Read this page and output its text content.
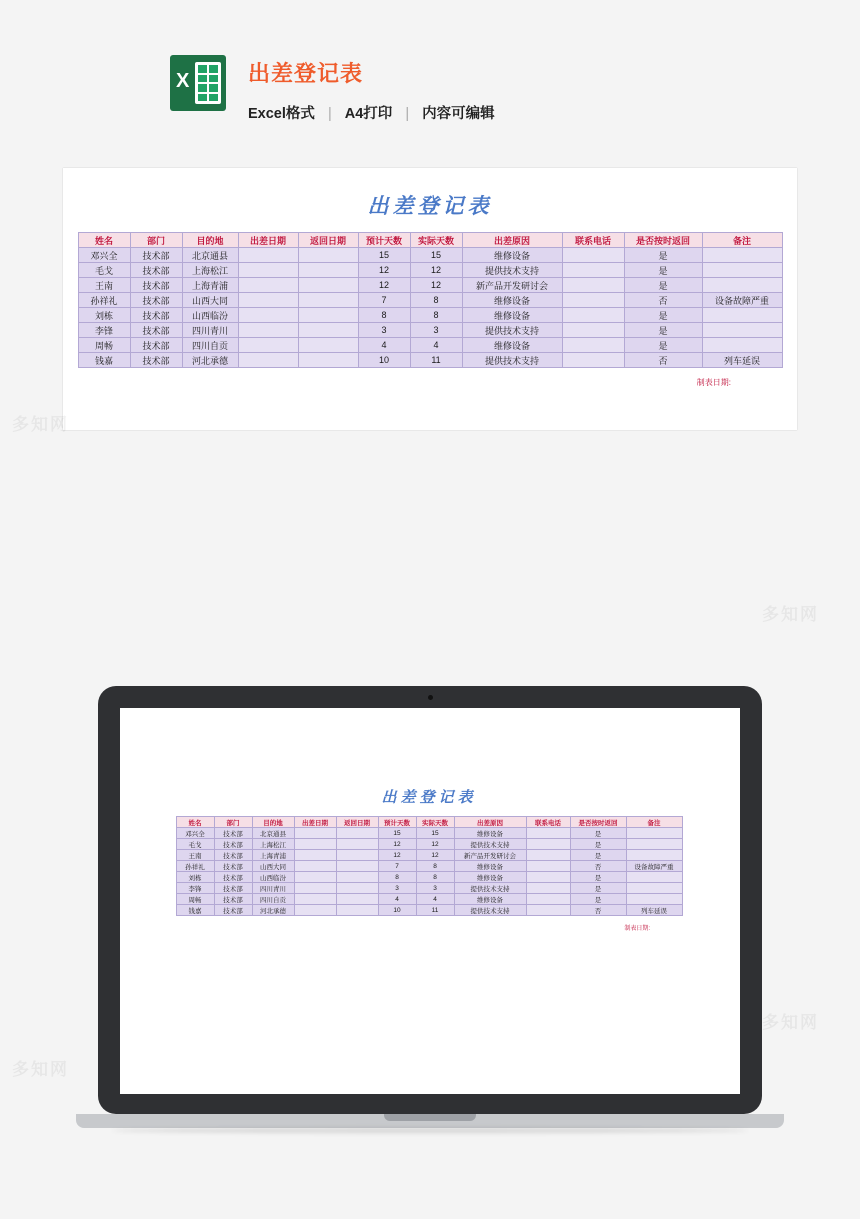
X	出差登记表
Excel格式 | A4打印 | 内容可编辑
出差登记表
姓名	部门	目的地	出差日期	返回日期	预计天数	实际天数	出差原因	联系电话	是否按时返回	备注
邓兴全	技术部	北京通县			15	15	维修设备		是	
毛戈	技术部	上海松江			12	12	提供技术支持		是	
王南	技术部	上海青浦			12	12	新产品开发研讨会		是	
孙祥礼	技术部	山西大同			7	8	维修设备		否	设备故障严重
刘栋	技术部	山西临汾			8	8	维修设备		是	
李锋	技术部	四川青川			3	3	提供技术支持		是	
周畅	技术部	四川自贡			4	4	维修设备		是	
钱嘉	技术部	河北承德			10	11	提供技术支持		否	列车延误
制表日期:
出差登记表
姓名	部门	目的地	出差日期	返回日期	预计天数	实际天数	出差原因	联系电话	是否按时返回	备注
邓兴全	技术部	北京通县			15	15	维修设备		是	
毛戈	技术部	上海松江			12	12	提供技术支持		是	
王南	技术部	上海青浦			12	12	新产品开发研讨会		是	
孙祥礼	技术部	山西大同			7	8	维修设备		否	设备故障严重
刘栋	技术部	山西临汾			8	8	维修设备		是	
李锋	技术部	四川青川			3	3	提供技术支持		是	
周畅	技术部	四川自贡			4	4	维修设备		是	
钱嘉	技术部	河北承德			10	11	提供技术支持		否	列车延误
制表日期:
多知网
多知网
多知网
多知网
